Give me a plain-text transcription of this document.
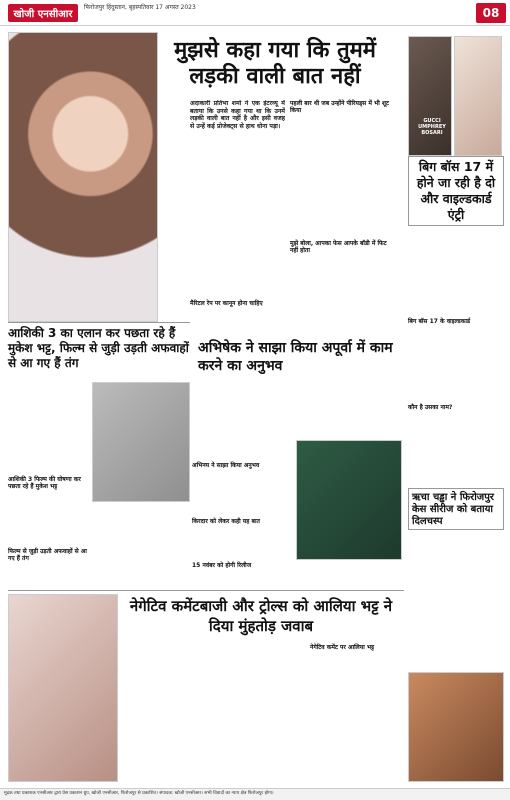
खोजी एनसीआर
फिरोजपुर हिंदुस्तान, बृहस्पतिवार 17 अगस्त 2023	08
मुझसे कहा गया कि तुममें लड़की वाली बात नहीं
अदाकारी प्रतिभा शर्मा ने एक इंटरव्यू में बताया कि उनसे कहा गया था कि उनमें लड़की वाली बात नहीं है और इसी वजह से उन्हें कई प्रोजेक्ट्स से हाथ धोना पड़ा।
मैरिटल रेप पर कानून होना चाहिए
पहली बार थी जब उन्होंने पीरियड्स में भी शूट किया
मुझे बोला, आपका फेस आपके बॉडी में फिट नहीं होता
GUCCI UMPHREY BOSARI
बिग बॉस 17 में होने जा रही है दो और वाइल्डकार्ड एंट्री
बिग बॉस 17 के वाइल्डकार्ड
कौन है उसका नाम?
ऋचा चड्ढा ने फिरोजपुर केस सीरीज को बताया दिलचस्प
आशिकी 3 का एलान कर पछता रहे हैं मुकेश भट्ट, फिल्म से जुड़ी उड़ती अफवाहों से आ गए हैं तंग
आशिकी 3 फिल्म की घोषणा कर पछता रहे हैं मुकेश भट्ट
फिल्म से जुड़ी उड़ती अफवाहों से आ गए हैं तंग
अभिषेक ने साझा किया अपूर्वा में काम करने का अनुभव
अभिनय ने साझा किया अनुभव
किरदार को लेकर कही यह बात
15 नवंबर को होगी रिलीज
नेगेटिव कमेंटबाजी और ट्रोल्स को आलिया भट्ट ने दिया मुंहतोड़ जवाब
नेगेटिव कमेंट पर आलिया भट्ट
मुद्रक तथा प्रकाशक एनसीआर द्वारा प्रेस प्रकाशन ग्रुप, खोजी एनसीआर, फिरोजपुर से प्रकाशित। संपादक: खोजी एनसीआर। सभी विवादों का न्याय क्षेत्र फिरोजपुर होगा।
